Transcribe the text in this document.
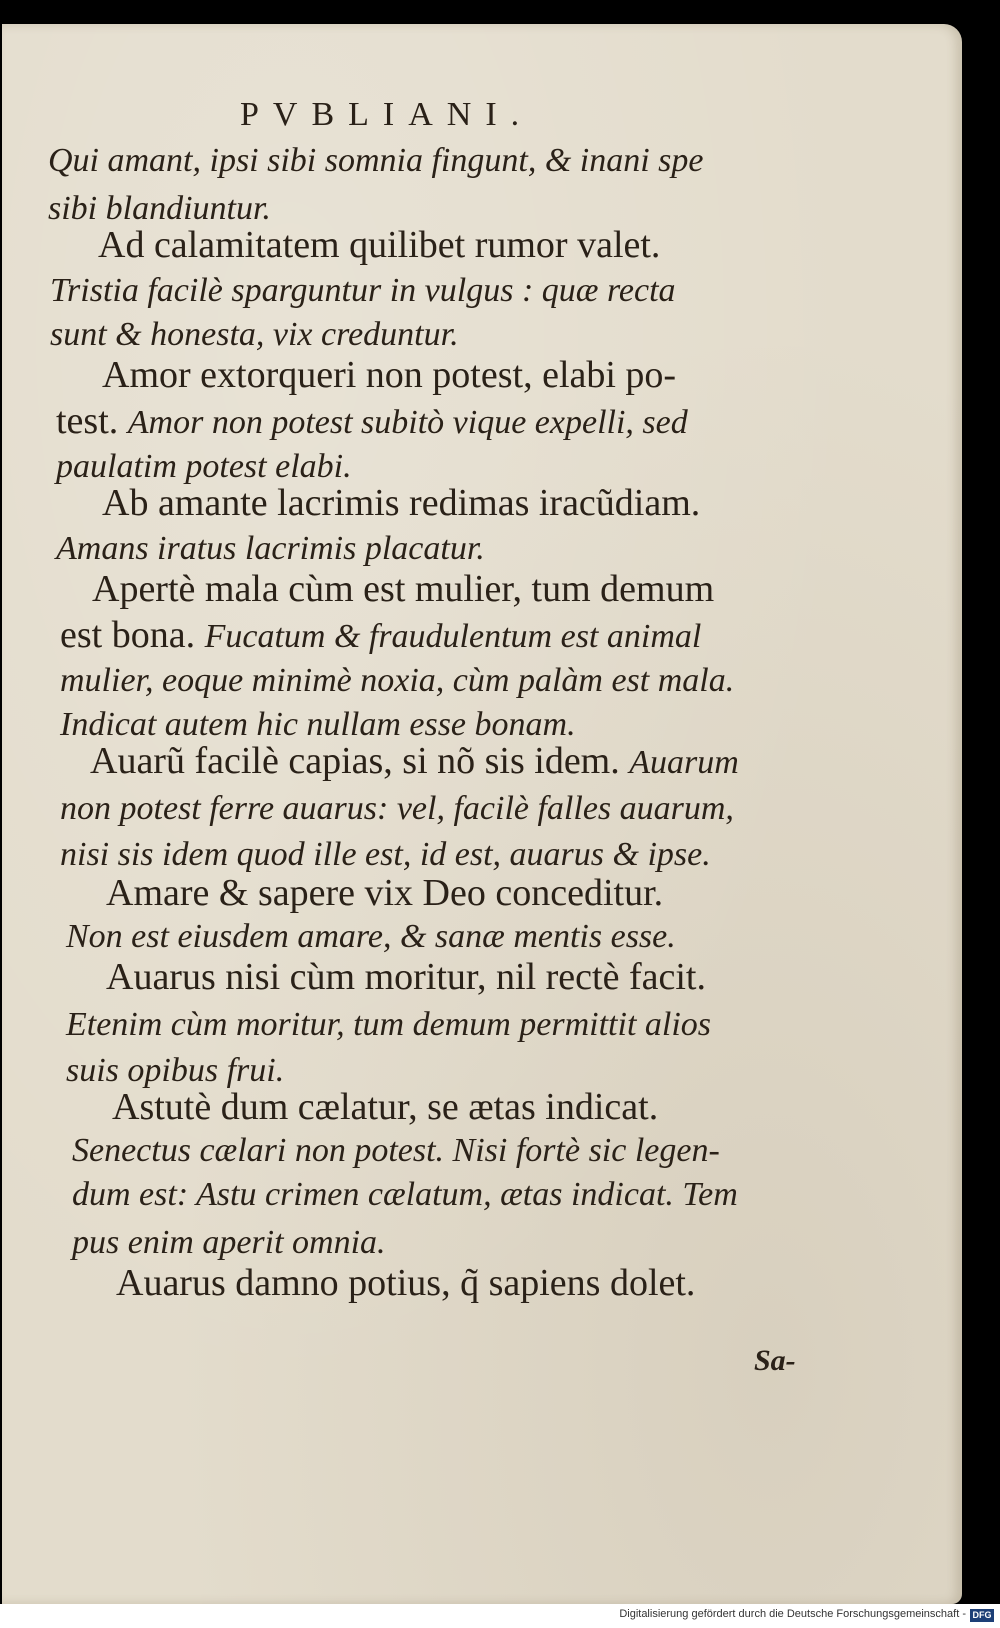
PVBLIANI.

Qui amant, ipsi sibi somnia fingunt, & inani spe

sibi blandiuntur.

Ad calamitatem quilibet rumor valet.

Tristia facilè sparguntur in vulgus : quæ recta

sunt & honesta, vix creduntur.

Amor extorqueri non potest, elabi po-

test. Amor non potest subitò vique expelli, sed

paulatim potest elabi.

Ab amante lacrimis redimas iracũdiam.

Amans iratus lacrimis placatur.

Apertè mala cùm est mulier, tum demum

est bona. Fucatum & fraudulentum est animal

mulier, eoque minimè noxia, cùm palàm est mala.

Indicat autem hic nullam esse bonam.

Auarũ facilè capias, si nõ sis idem. Auarum

non potest ferre auarus: vel, facilè falles auarum,

nisi sis idem quod ille est, id est, auarus & ipse.

Amare & sapere vix Deo conceditur.

Non est eiusdem amare, & sanæ mentis esse.

Auarus nisi cùm moritur, nil rectè facit.

Etenim cùm moritur, tum demum permittit alios

suis opibus frui.

Astutè dum cælatur, se ætas indicat.

Senectus cælari non potest. Nisi fortè sic legen-

dum est: Astu crimen cælatum, ætas indicat. Tem

pus enim aperit omnia.

Auarus damno potius, q̃ sapiens dolet.

Sa-
Digitalisierung gefördert durch die Deutsche Forschungsgemeinschaft - DFG
